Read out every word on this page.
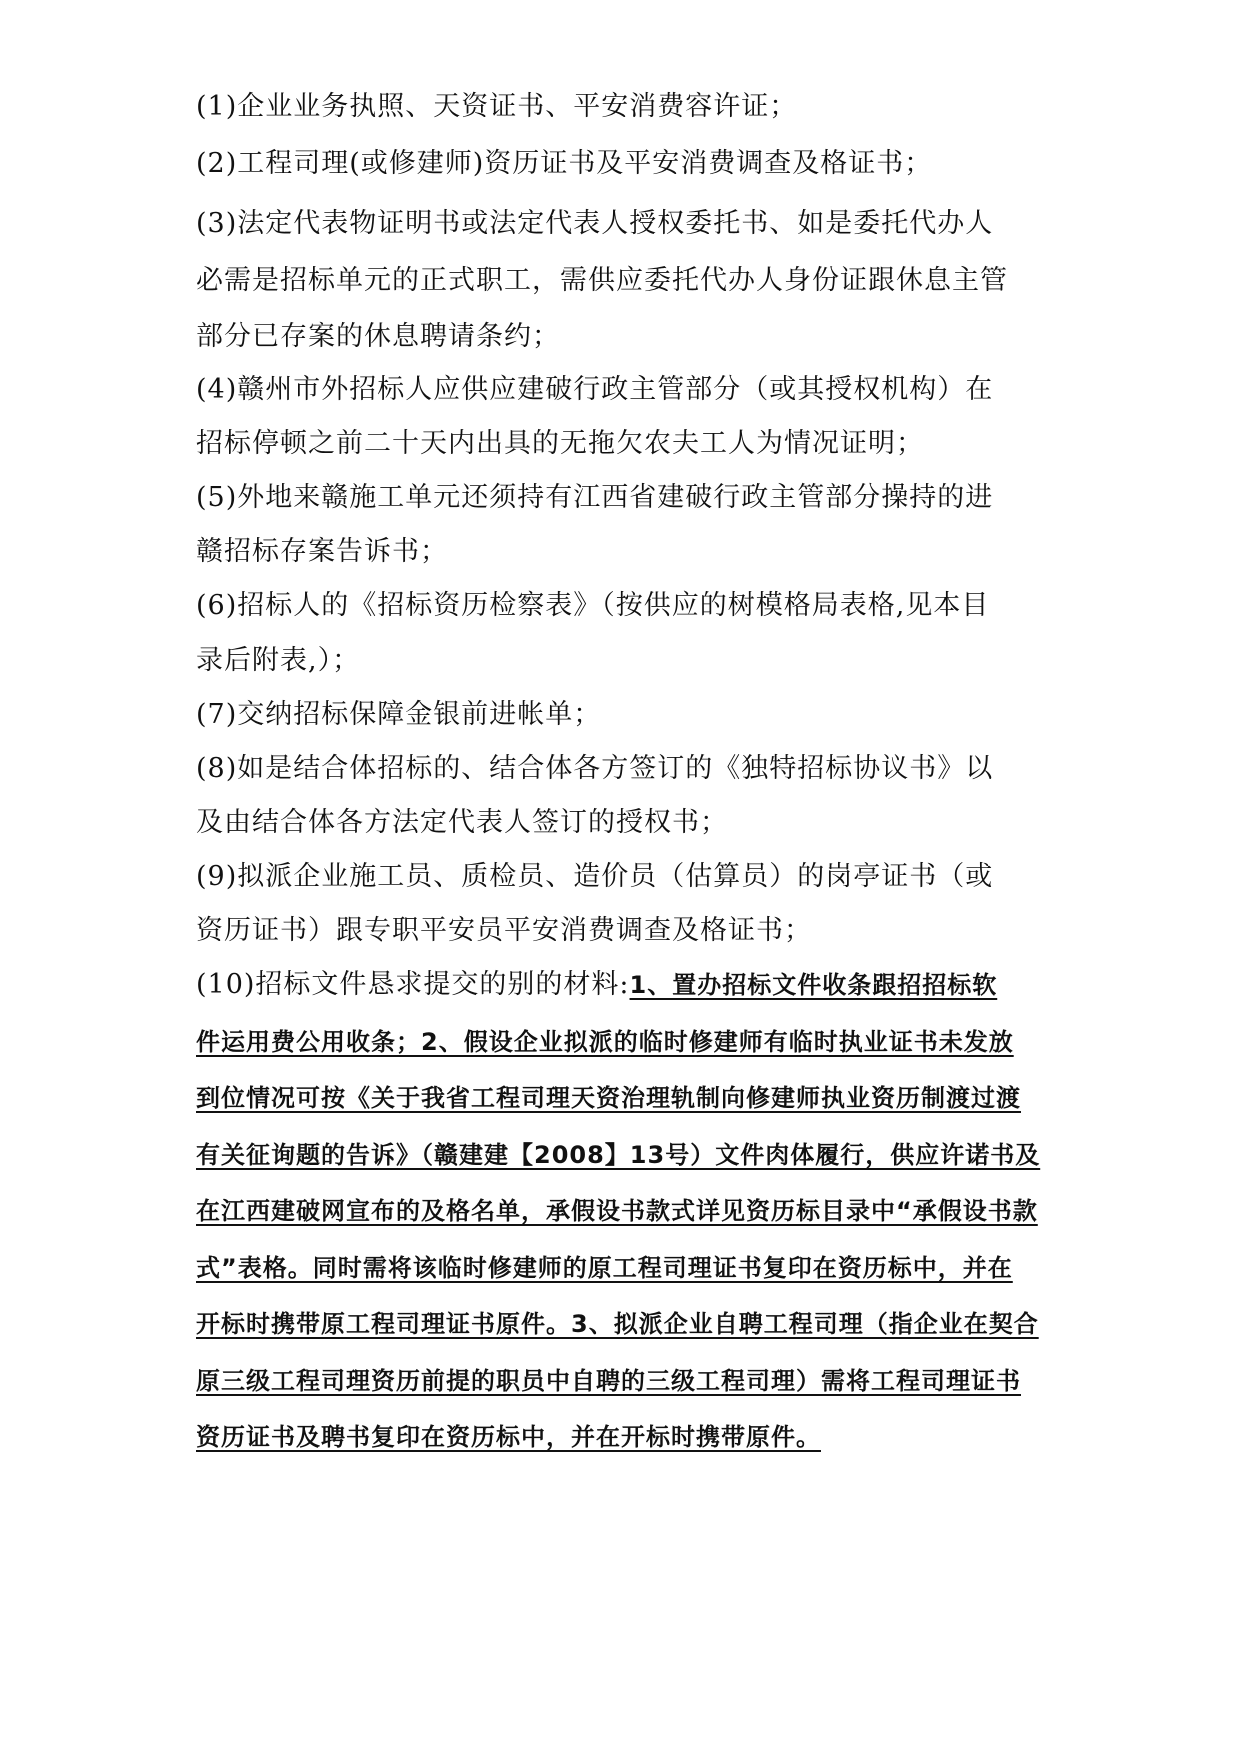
(1)企业业务执照、天资证书、平安消费容许证；
(2)工程司理(或修建师)资历证书及平安消费调查及格证书；
(3)法定代表物证明书或法定代表人授权委托书、如是委托代办人
必需是招标单元的正式职工，需供应委托代办人身份证跟休息主管
部分已存案的休息聘请条约；
(4)赣州市外招标人应供应建破行政主管部分（或其授权机构）在
招标停顿之前二十天内出具的无拖欠农夫工人为情况证明；
(5)外地来赣施工单元还须持有江西省建破行政主管部分操持的进
赣招标存案告诉书；
(6)招标人的《招标资历检察表》（按供应的树模格局表格,见本目
录后附表,）；
(7)交纳招标保障金银前进帐单；
(8)如是结合体招标的、结合体各方签订的《独特招标协议书》以
及由结合体各方法定代表人签订的授权书；
(9)拟派企业施工员、质检员、造价员（估算员）的岗亭证书（或
资历证书）跟专职平安员平安消费调查及格证书；
(10)招标文件恳求提交的别的材料:1、置办招标文件收条跟招招标软
件运用费公用收条；2、假设企业拟派的临时修建师有临时执业证书未发放
到位情况可按《关于我省工程司理天资治理轨制向修建师执业资历制渡过渡
有关征询题的告诉》（赣建建【2008】13号）文件肉体履行，供应许诺书及
在江西建破网宣布的及格名单，承假设书款式详见资历标目录中“承假设书款
式”表格。同时需将该临时修建师的原工程司理证书复印在资历标中，并在
开标时携带原工程司理证书原件。3、拟派企业自聘工程司理（指企业在契合
原三级工程司理资历前提的职员中自聘的三级工程司理）需将工程司理证书
资历证书及聘书复印在资历标中，并在开标时携带原件。
